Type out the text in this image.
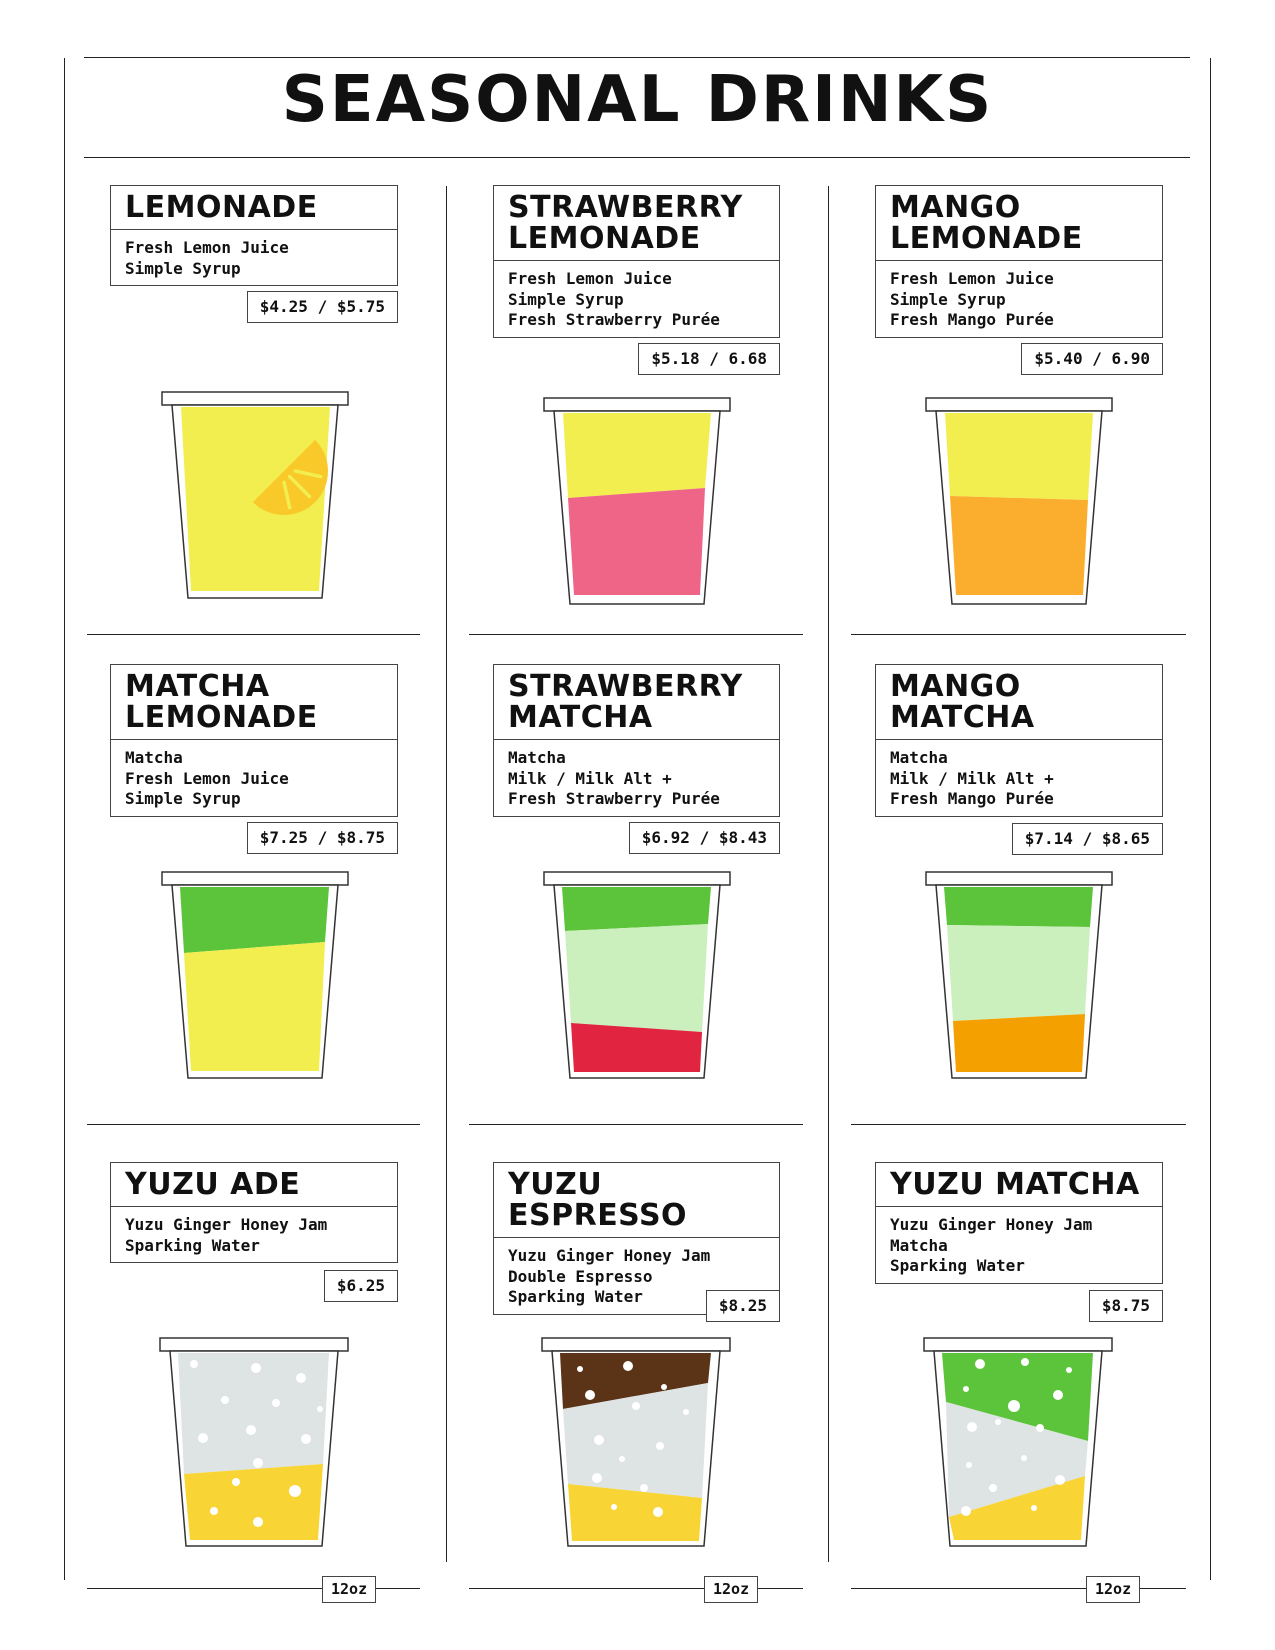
SEASONAL DRINKS
LEMONADE
Fresh Lemon Juice
Simple Syrup
$4.25 / $5.75
STRAWBERRY
LEMONADE
Fresh Lemon Juice
Simple Syrup
Fresh Strawberry Purée
$5.18 / 6.68
MANGO
LEMONADE
Fresh Lemon Juice
Simple Syrup
Fresh Mango Purée
$5.40 / 6.90
MATCHA
LEMONADE
Matcha
Fresh Lemon Juice
Simple Syrup
$7.25 / $8.75
STRAWBERRY
MATCHA
Matcha
Milk / Milk Alt +
Fresh Strawberry Purée
$6.92 / $8.43
MANGO
MATCHA
Matcha
Milk / Milk Alt +
Fresh Mango Purée
$7.14 / $8.65
YUZU ADE
Yuzu Ginger Honey Jam
Sparking Water
$6.25
YUZU ESPRESSO
Yuzu Ginger Honey Jam
Double Espresso
Sparking Water	$8.25
YUZU MATCHA
Yuzu Ginger Honey Jam
Matcha
Sparking Water
$8.75
12oz	12oz	12oz
